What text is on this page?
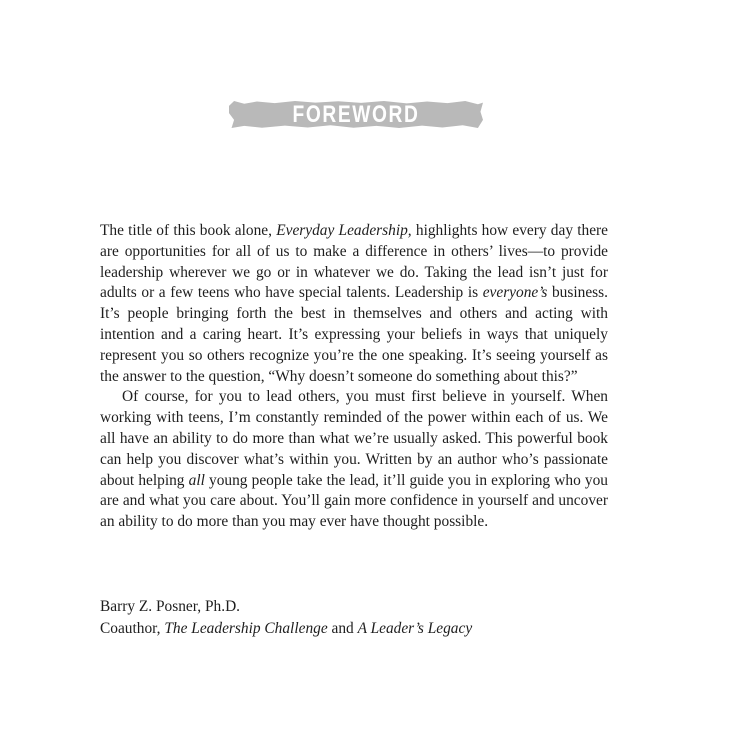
FOREWORD

The title of this book alone, Everyday Leadership, highlights how every day there are opportunities for all of us to make a difference in others’ lives—to provide leadership wherever we go or in whatever we do. Taking the lead isn’t just for adults or a few teens who have special talents. Leadership is everyone’s business. It’s people bringing forth the best in themselves and others and acting with intention and a caring heart. It’s expressing your beliefs in ways that uniquely represent you so others recognize you’re the one speaking. It’s seeing yourself as the answer to the question, “Why doesn’t someone do something about this?”

Of course, for you to lead others, you must first believe in yourself. When working with teens, I’m constantly reminded of the power within each of us. We all have an ability to do more than what we’re usually asked. This powerful book can help you discover what’s within you. Written by an author who’s passionate about helping all young people take the lead, it’ll guide you in exploring who you are and what you care about. You’ll gain more confidence in yourself and uncover an ability to do more than you may ever have thought possible.

Barry Z. Posner, Ph.D.
Coauthor, The Leadership Challenge and A Leader’s Legacy
